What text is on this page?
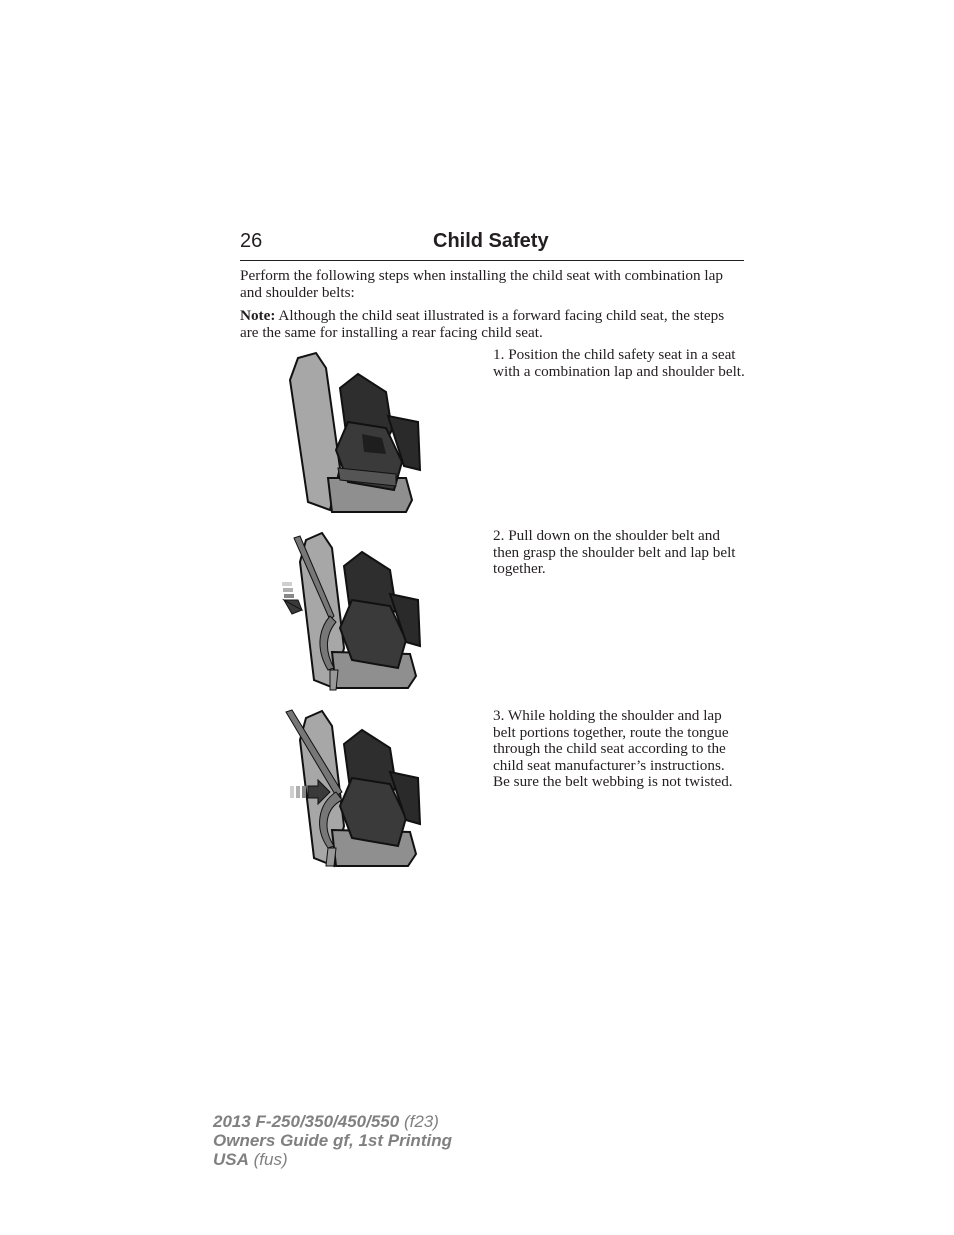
26	Child Safety
Perform the following steps when installing the child seat with combination lap and shoulder belts:
Note: Although the child seat illustrated is a forward facing child seat, the steps are the same for installing a rear facing child seat.
1. Position the child safety seat in a seat with a combination lap and shoulder belt.
2. Pull down on the shoulder belt and then grasp the shoulder belt and lap belt together.
3. While holding the shoulder and lap belt portions together, route the tongue through the child seat according to the child seat manufacturer’s instructions. Be sure the belt webbing is not twisted.
2013 F-250/350/450/550 (f23)
Owners Guide gf, 1st Printing
USA (fus)
